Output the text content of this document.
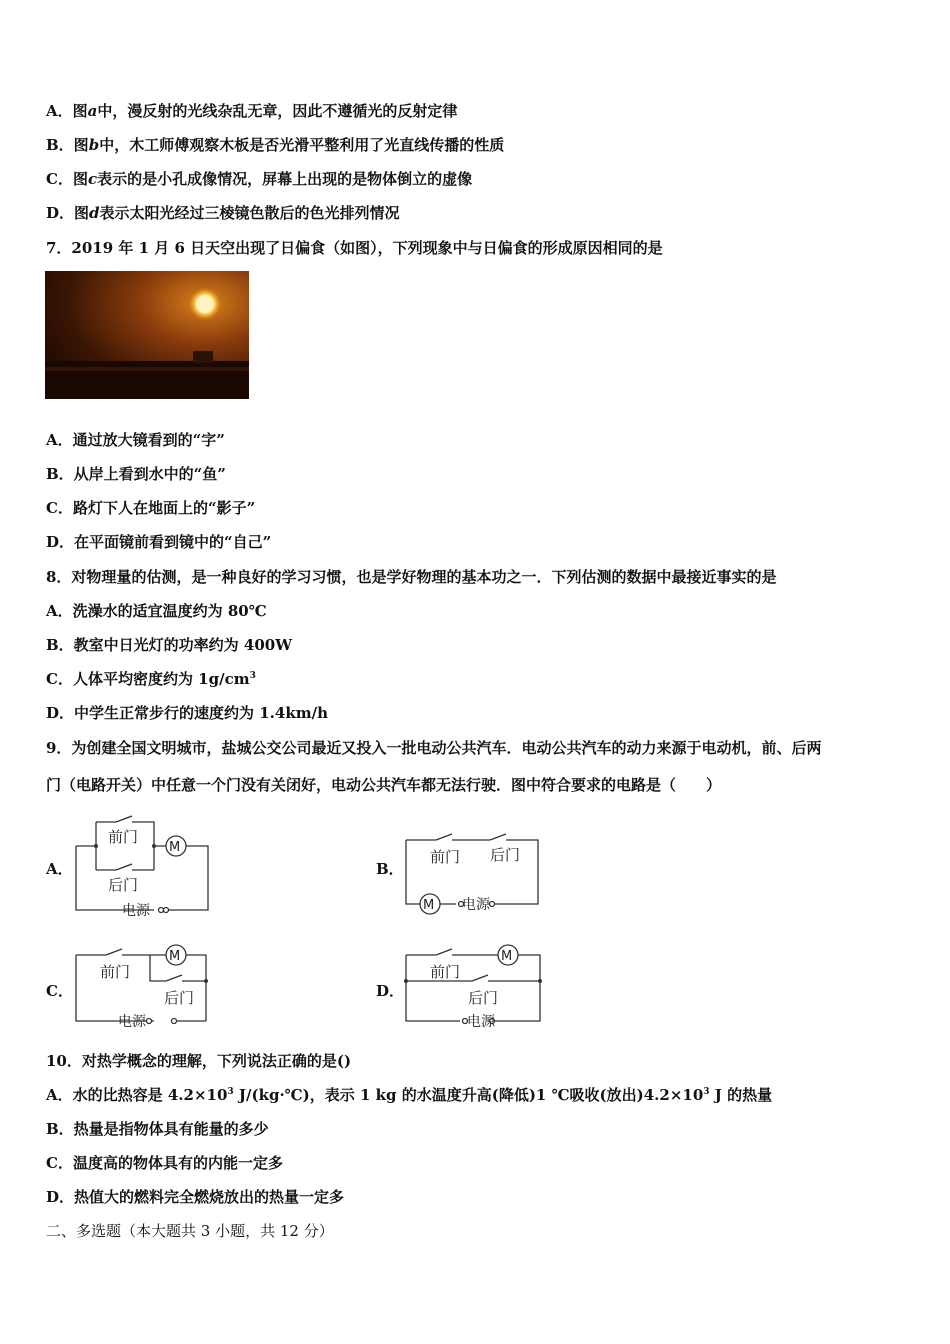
A．图a中，漫反射的光线杂乱无章，因此不遵循光的反射定律
B．图b中，木工师傅观察木板是否光滑平整利用了光直线传播的性质
C．图c表示的是小孔成像情况，屏幕上出现的是物体倒立的虚像
D．图d表示太阳光经过三棱镜色散后的色光排列情况
7．2019 年 1 月 6 日天空出现了日偏食（如图），下列现象中与日偏食的形成原因相同的是
A．通过放大镜看到的“字”
B．从岸上看到水中的“鱼”
C．路灯下人在地面上的“影子”
D．在平面镜前看到镜中的“自己”
8．对物理量的估测，是一种良好的学习习惯，也是学好物理的基本功之一．下列估测的数据中最接近事实的是
A．洗澡水的适宜温度约为 80℃
B．教室中日光灯的功率约为 400W
C．人体平均密度约为 $1g/cm^3$
D．中学生正常步行的速度约为 1.4km/h
9．为创建全国文明城市，盐城公交公司最近又投入一批电动公共汽车．电动公共汽车的动力来源于电动机，前、后两
门（电路开关）中任意一个门没有关闭好，电动公共汽车都无法行驶．图中符合要求的电路是（　　）
A．
前门
后门
M
电源
B．
前门 后门
M 电源
C．
前门
后门
M
电源
D．
前门
后门
M
电源
10．对热学概念的理解，下列说法正确的是()
A．水的比热容是 $4.2\times 10^3$ J/(kg·℃)，表示 1 kg 的水温度升高(降低)1 ℃吸收(放出)$4.2\times 10^3$ J 的热量
B．热量是指物体具有能量的多少
C．温度高的物体具有的内能一定多
D．热值大的燃料完全燃烧放出的热量一定多
二、多选题（本大题共 3 小题，共 12 分）
